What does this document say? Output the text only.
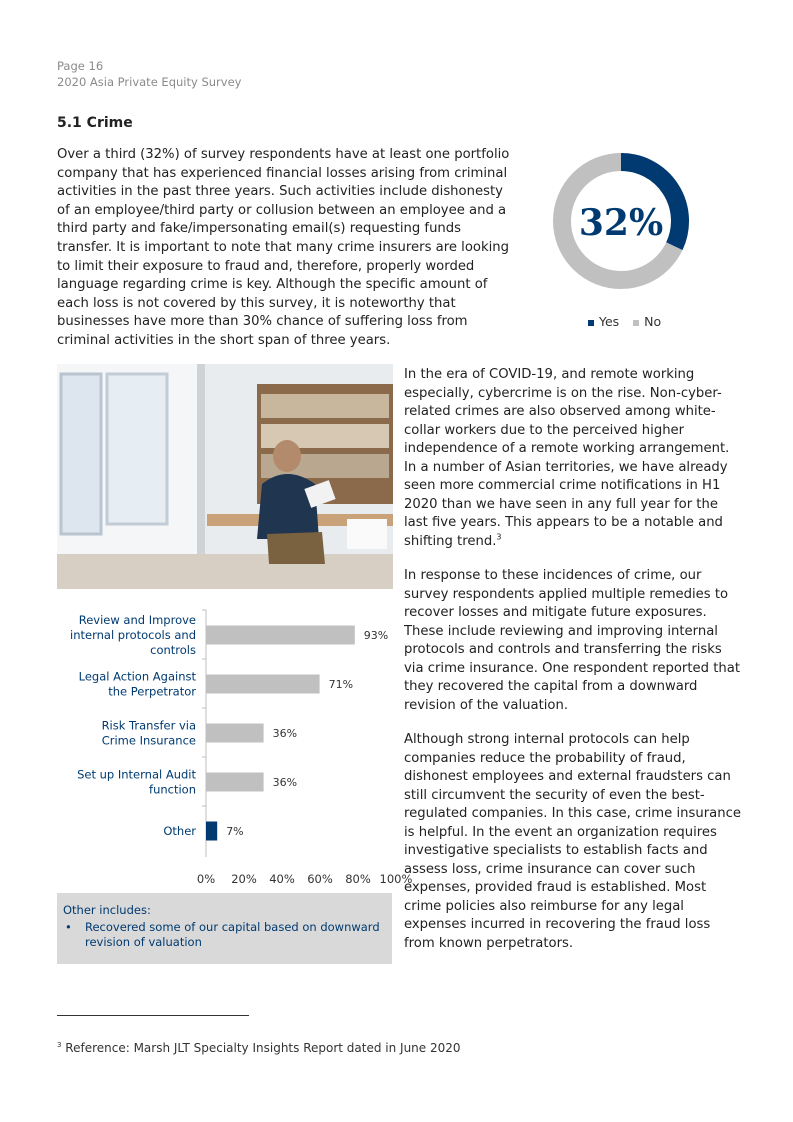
Page 16
2020 Asia Private Equity Survey
5.1 Crime
Over a third (32%) of survey respondents have at least one portfolio company that has experienced financial losses arising from criminal activities in the past three years. Such activities include dishonesty of an employee/third party or collusion between an employee and a third party and fake/impersonating email(s) requesting funds transfer. It is important to note that many crime insurers are looking to limit their exposure to fraud and, therefore, properly worded language regarding crime is key. Although the specific amount of each loss is not covered by this survey, it is noteworthy that businesses have more than 30% chance of suffering loss from criminal activities in the short span of three years.
32%
Yes No
93%
Review and Improve
internal protocols and
controls
71%
Legal Action Against
the Perpetrator
36%
Risk Transfer via
Crime Insurance
36%
Set up Internal Audit
function
7%
Other
0% 20% 40% 60% 80% 100%
Other includes:
•	Recovered some of our capital based on downward revision of valuation

In the era of COVID-19, and remote working especially, cybercrime is on the rise. Non-cyber-related crimes are also observed among white-collar workers due to the perceived higher independence of a remote working arrangement. In a number of Asian territories, we have already seen more commercial crime notifications in H1 2020 than we have seen in any full year for the last five years. This appears to be a notable and shifting trend.$^3$

In response to these incidences of crime, our survey respondents applied multiple remedies to recover losses and mitigate future exposures. These include reviewing and improving internal protocols and controls and transferring the risks via crime insurance. One respondent reported that they recovered the capital from a downward revision of the valuation.

Although strong internal protocols can help companies reduce the probability of fraud, dishonest employees and external fraudsters can still circumvent the security of even the best-regulated companies. In this case, crime insurance is helpful. In the event an organization requires investigative specialists to establish facts and assess loss, crime insurance can cover such expenses, provided fraud is established. Most crime policies also reimburse for any legal expenses incurred in recovering the fraud loss from known perpetrators.

$^3$ Reference: Marsh JLT Specialty Insights Report dated in June 2020
